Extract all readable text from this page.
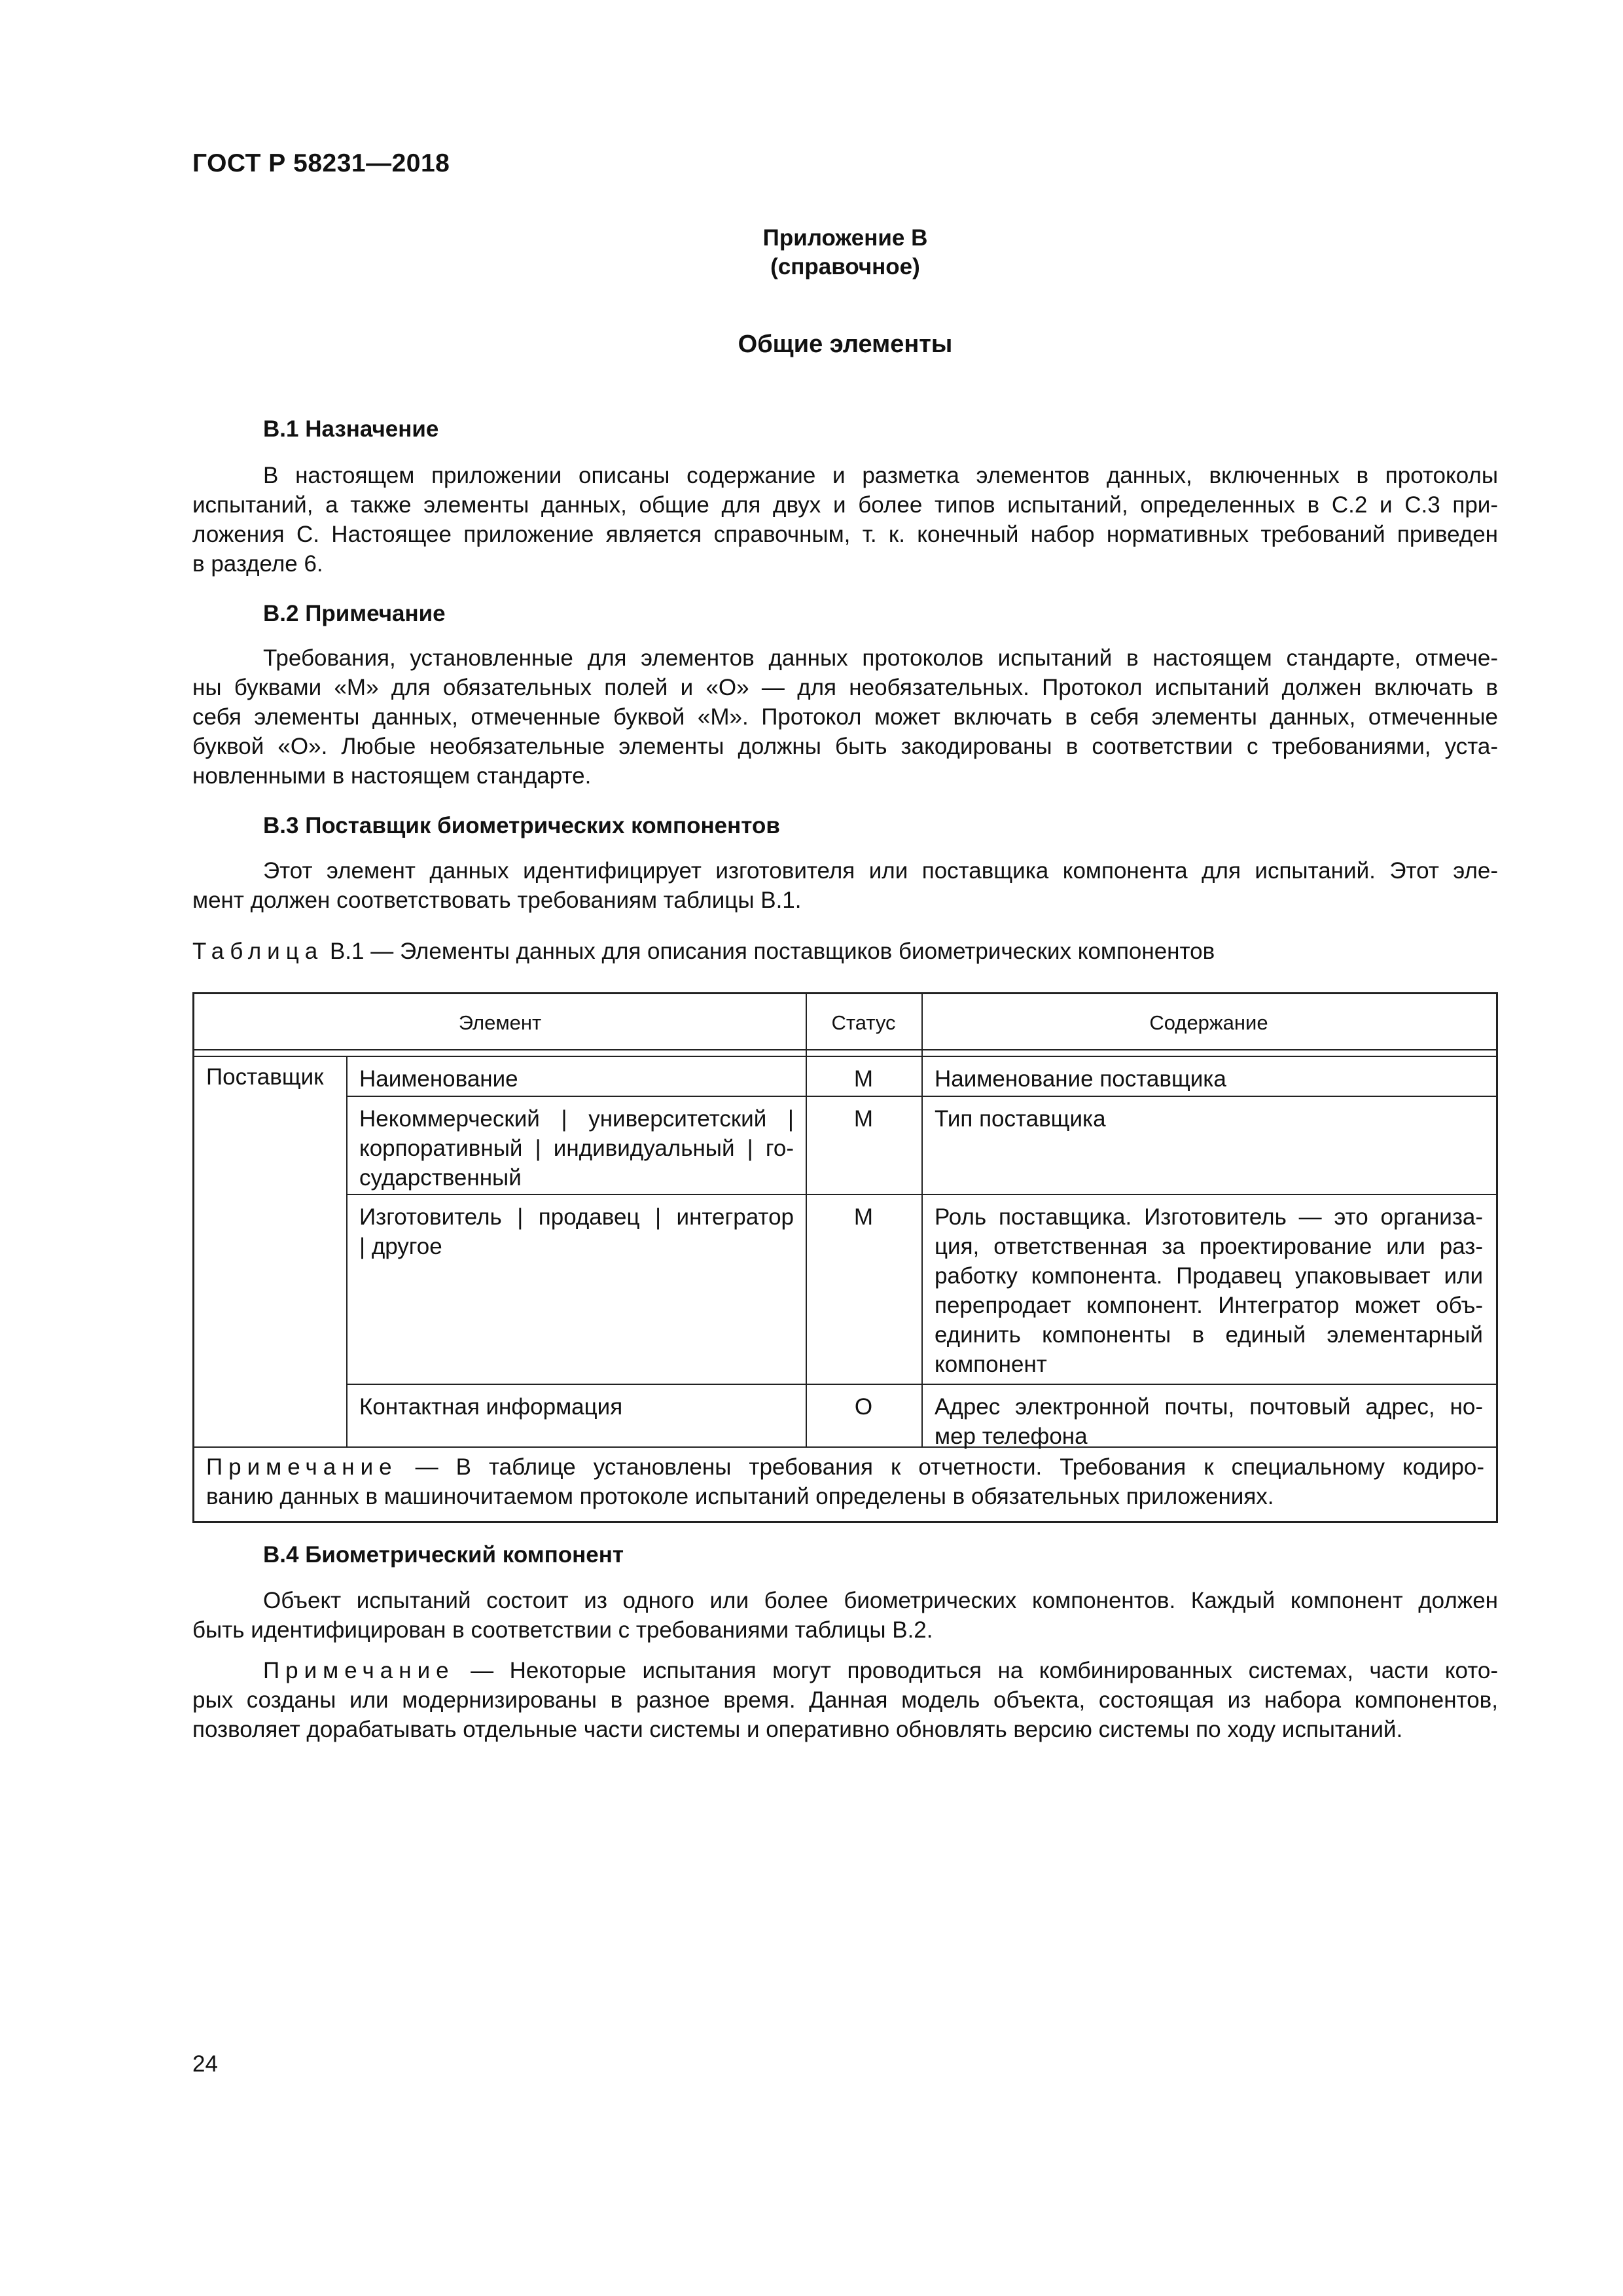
ГОСТ Р 58231—2018
Приложение В
(справочное)
Общие элементы
В.1 Назначение
В настоящем приложении описаны содержание и разметка элементов данных, включенных в протоколы
испытаний, а также элементы данных, общие для двух и более типов испытаний, определенных в С.2 и С.3 при-
ложения С. Настоящее приложение является справочным, т. к. конечный набор нормативных требований приведен
в разделе 6.
В.2 Примечание
Требования, установленные для элементов данных протоколов испытаний в настоящем стандарте, отмече-
ны буквами «М» для обязательных полей и «О» — для необязательных. Протокол испытаний должен включать в
себя элементы данных, отмеченные буквой «М». Протокол может включать в себя элементы данных, отмеченные
буквой «О». Любые необязательные элементы должны быть закодированы в соответствии с требованиями, уста-
новленными в настоящем стандарте.
В.3 Поставщик биометрических компонентов
Этот элемент данных идентифицирует изготовителя или поставщика компонента для испытаний. Этот эле-
мент должен соответствовать требованиям таблицы В.1.
Таблица В.1 — Элементы данных для описания поставщиков биометрических компонентов
Элемент	Статус	Содержание
Поставщик Наименование	М	Наименование поставщика
Некоммерческий | университетский |
корпоративный | индивидуальный | го-
сударственный
М	Тип поставщика
Изготовитель | продавец | интегратор
| другое
М	Роль поставщика. Изготовитель — это организа-
ция, ответственная за проектирование или раз-
работку компонента. Продавец упаковывает или
перепродает компонент. Интегратор может объ-
единить компоненты в единый элементарный
компонент
Контактная информация	О	Адрес электронной почты, почтовый адрес, но-
мер телефона
Примечание — В таблице установлены требования к отчетности. Требования к специальному кодиро-
ванию данных в машиночитаемом протоколе испытаний определены в обязательных приложениях.
В.4 Биометрический компонент
Объект испытаний состоит из одного или более биометрических компонентов. Каждый компонент должен
быть идентифицирован в соответствии с требованиями таблицы В.2.
Примечание — Некоторые испытания могут проводиться на комбинированных системах, части кото-
рых созданы или модернизированы в разное время. Данная модель объекта, состоящая из набора компонентов,
позволяет дорабатывать отдельные части системы и оперативно обновлять версию системы по ходу испытаний.
24
